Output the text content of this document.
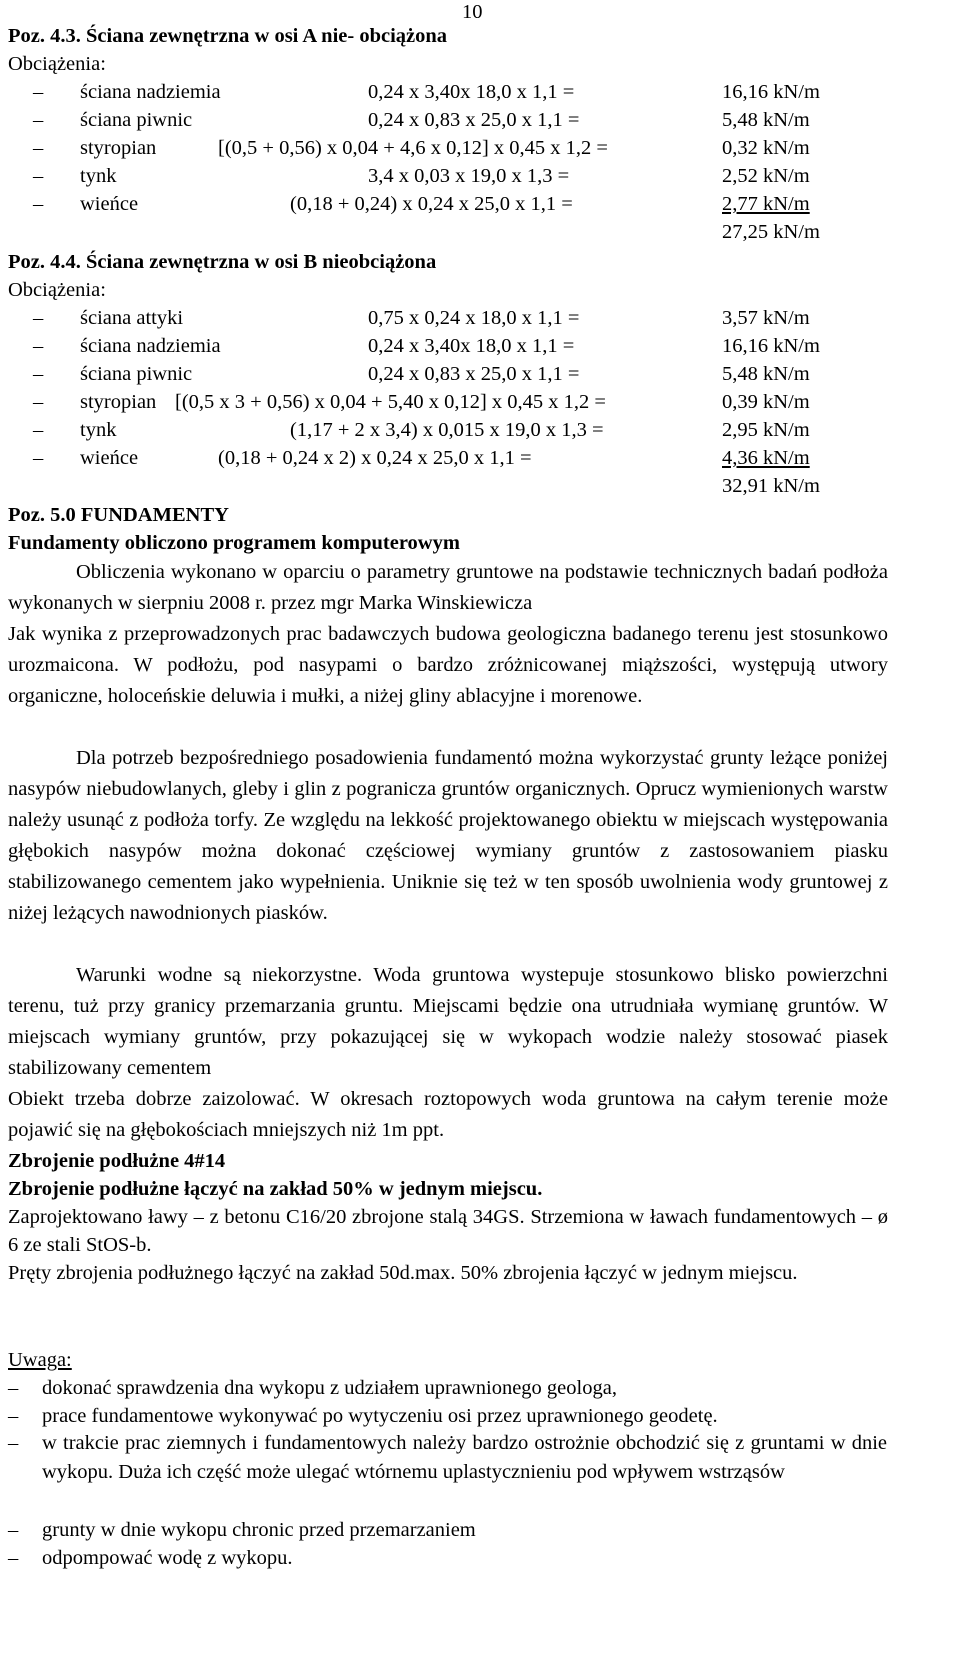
10
Poz. 4.3. Ściana zewnętrzna w osi A nie- obciążona
Obciążenia:
– ściana nadziemia	0,24 x 3,40x 18,0 x 1,1 =	16,16 kN/m
– ściana piwnic	0,24 x 0,83 x 25,0 x 1,1 =	5,48 kN/m
– styropian	[(0,5 + 0,56) x 0,04 + 4,6 x 0,12] x 0,45 x 1,2 =	0,32 kN/m
– tynk	3,4 x 0,03 x 19,0 x 1,3 =	2,52 kN/m
– wieńce	(0,18 + 0,24) x 0,24 x 25,0 x 1,1 =	2,77 kN/m
27,25 kN/m
Poz. 4.4. Ściana zewnętrzna w osi B nieobciążona
Obciążenia:
– ściana attyki	0,75 x 0,24 x 18,0 x 1,1 =	3,57 kN/m
– ściana nadziemia	0,24 x 3,40x 18,0 x 1,1 =	16,16 kN/m
– ściana piwnic	0,24 x 0,83 x 25,0 x 1,1 =	5,48 kN/m
– styropian [(0,5 x 3 + 0,56) x 0,04 + 5,40 x 0,12] x 0,45 x 1,2 =	0,39 kN/m
– tynk	(1,17 + 2 x 3,4) x 0,015 x 19,0 x 1,3 =	2,95 kN/m
– wieńce	(0,18 + 0,24 x 2) x 0,24 x 25,0 x 1,1 =	4,36 kN/m
32,91 kN/m
Poz. 5.0 FUNDAMENTY
Fundamenty obliczono programem komputerowym
Obliczenia wykonano w oparciu o parametry gruntowe na podstawie technicznych badań podłoża wykonanych w sierpniu 2008 r. przez mgr Marka Winskiewicza
Jak wynika z przeprowadzonych prac badawczych budowa geologiczna badanego terenu jest stosunkowo urozmaicona. W podłożu, pod nasypami o bardzo zróżnicowanej miąższości, występują utwory organiczne, holoceńskie deluwia i mułki, a niżej gliny ablacyjne i morenowe.
Dla potrzeb bezpośredniego posadowienia fundamentó można wykorzystać grunty leżące poniżej nasypów niebudowlanych, gleby i glin z pogranicza gruntów organicznych. Oprucz wymienionych warstw należy usunąć z podłoża torfy. Ze względu na lekkość projektowanego obiektu w miejscach występowania głębokich nasypów można dokonać częściowej wymiany gruntów z zastosowaniem piasku stabilizowanego cementem jako wypełnienia. Uniknie się też w ten sposób uwolnienia wody gruntowej z niżej leżących nawodnionych piasków.
Warunki wodne są niekorzystne. Woda gruntowa wystepuje stosunkowo blisko powierzchni terenu, tuż przy granicy przemarzania gruntu. Miejscami będzie ona utrudniała wymianę gruntów. W miejscach wymiany gruntów, przy pokazującej się w wykopach wodzie należy stosować piasek stabilizowany cementem
Obiekt trzeba dobrze zaizolować. W okresach roztopowych woda gruntowa na całym terenie może pojawić się na głębokościach mniejszych niż 1m ppt.
Zbrojenie podłużne 4#14
Zbrojenie podłużne łączyć na zakład 50% w jednym miejscu.
Zaprojektowano ławy – z betonu C16/20 zbrojone stalą 34GS. Strzemiona w ławach fundamentowych – ø 6 ze stali StOS-b.
Pręty zbrojenia podłużnego łączyć na zakład 50d.max. 50% zbrojenia łączyć w jednym miejscu.
Uwaga:
– dokonać sprawdzenia dna wykopu z udziałem uprawnionego geologa,
– prace fundamentowe wykonywać po wytyczeniu osi przez uprawnionego geodetę.
– w trakcie prac ziemnych i fundamentowych należy bardzo ostrożnie obchodzić się z gruntami w dnie wykopu. Duża ich część może ulegać wtórnemu uplastycznieniu pod wpływem wstrząsów
– grunty w dnie wykopu chronic przed przemarzaniem
– odpompować wodę z wykopu.
